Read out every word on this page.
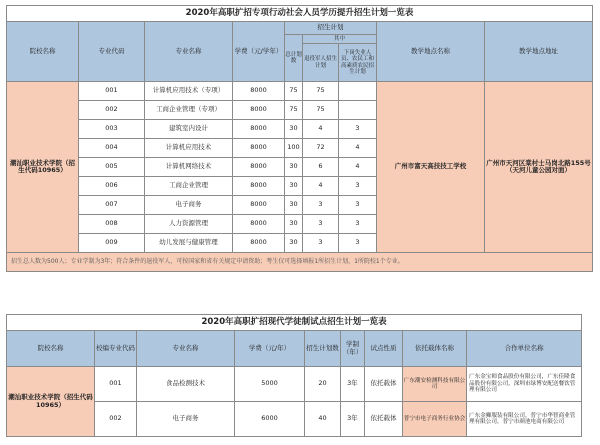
2020年高职扩招专项行动社会人员学历提升招生计划一览表								
院校名称	专业代码	专业名称	学费（元/学年）	招生计划			教学地点名称	教学地点地址
				总计划数	其中			
					退役军人招生计划	下岗失业人员、农民工和高素质农民招生计划		
潮汕职业技术学院（招生代码10965）	001	计算机应用技术（专项）	8000	75	75		广州市富天高技技工学校	广州市天河区棠村士马岗北路155号（天河儿童公园对面）
	002	工商企业管理（专项）	8000	75	75			
	003	建筑室内设计	8000	30	4	3		
	004	计算机应用技术	8000	100	72	4		
	005	计算机网络技术	8000	30	6	4		
	006	工商企业管理	8000	30	4	3		
	007	电子商务	8000	30	3	3		
	008	人力资源管理	8000	30	3	3		
	009	幼儿发展与健康管理	8000	30	3	3		
招生总人数为500人；专业学制为3年；符合条件的退役军人，可按国家和省有关规定申请资助；考生仅可选择填报1所招生计划，1所院校1个专业。								
2020年高职扩招现代学徒制试点招生计划一览表								
院校名称	校编专业代码	专业名称	学费（元/年）	招生计划数	学制（年）	试点性质	依托载体名称	合作单位名称
潮汕职业技术学院（招生代码10965）	001	食品检测技术	5000	20	3年	依托载体	广东潮安检测科技有限公司	广东金宝师食品股份有限公司，广东佳隆食品股份有限公司，深圳市绿博安配送餐饮管理有限公司
	002	电子商务	6000	40	3年	依托载体	普宁市电子商务行业协会	广东金狮服装有限公司，普宁市华智商业管理有限公司，普宁市颜池电商有限公司
